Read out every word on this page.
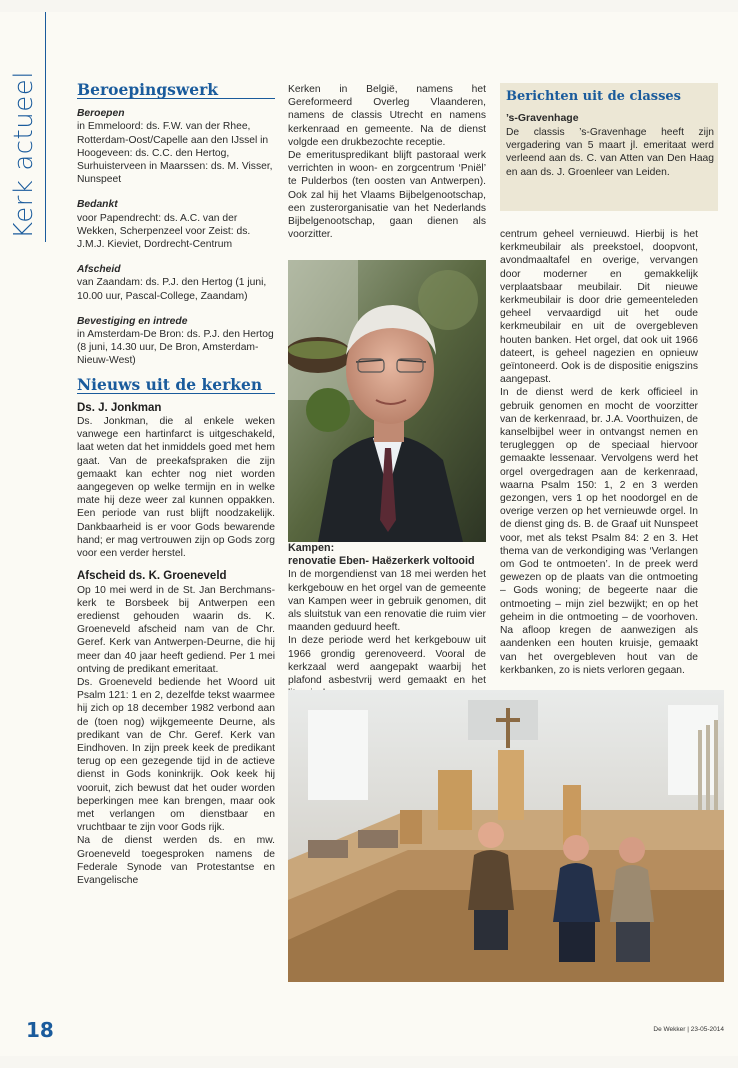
Kerk actueel Beroepingswerk

Beroepen

in Emmeloord: ds. F.W. van der Rhee, Rotterdam-Oost/Capelle aan den IJssel in Hoogeveen: ds. C.C. den Hertog, Surhuisterveen in Maarssen: ds. M. Visser, Nunspeet

Bedankt

voor Papendrecht: ds. A.C. van der Wekken, Scherpenzeel voor Zeist: ds. J.M.J. Kieviet, Dordrecht-Centrum

Afscheid

van Zaandam: ds. P.J. den Hertog (1 juni, 10.00 uur, Pascal-College, Zaandam)

Bevestiging en intrede

in Amsterdam-De Bron: ds. P.J. den Hertog (8 juni, 14.30 uur, De Bron, Amsterdam-Nieuw-West)

Nieuws uit de kerken

Ds. J. Jonkman

Ds. Jonkman, die al enkele weken vanwege een hartinfarct is uitgeschakeld, laat weten dat het inmiddels goed met hem gaat. Van de preekafspraken die zijn gemaakt kan echter nog niet worden aangegeven op welke termijn en in welke mate hij deze weer zal kunnen oppakken. Een periode van rust blijft noodzakelijk. Dankbaarheid is er voor Gods bewarende hand; er mag vertrouwen zijn op Gods zorg voor een verder herstel.

Afscheid ds. K. Groeneveld

Op 10 mei werd in de St. Jan Berchmans-kerk te Borsbeek bij Antwerpen een eredienst gehouden waarin ds. K. Groeneveld afscheid nam van de Chr. Geref. Kerk van Antwerpen-Deurne, die hij meer dan 40 jaar heeft gediend. Per 1 mei ontving de predikant emeritaat.

Ds. Groeneveld bediende het Woord uit Psalm 121: 1 en 2, dezelfde tekst waarmee hij zich op 18 december 1982 verbond aan de (toen nog) wijkgemeente Deurne, als predikant van de Chr. Geref. Kerk van Eindhoven. In zijn preek keek de predikant terug op een gezegende tijd in de actieve dienst in Gods koninkrijk. Ook keek hij vooruit, zich bewust dat het ouder worden beperkingen mee kan brengen, maar ook met verlangen om dienstbaar en vruchtbaar te zijn voor Gods rijk.

Na de dienst werden ds. en mw. Groeneveld toegesproken namens de Federale Synode van Protestantse en Evangelische

Kerken in België, namens het Gereformeerd Overleg Vlaanderen, namens de classis Utrecht en namens kerkenraad en gemeente. Na de dienst volgde een drukbezochte receptie.

De emerituspredikant blijft pastoraal werk verrichten in woon- en zorgcentrum ‘Pniël’ te Pulderbos (ten oosten van Antwerpen). Ook zal hij het Vlaams Bijbelgenootschap, een zusterorganisatie van het Nederlands Bijbelgenootschap, gaan dienen als voorzitter.

Kampen:

renovatie Eben- Haëzerkerk voltooid

In de morgendienst van 18 mei werden het kerkgebouw en het orgel van de gemeente van Kampen weer in gebruik genomen, dit als sluitstuk van een renovatie die ruim vier maanden geduurd heeft.

In deze periode werd het kerkgebouw uit 1966 grondig gerenoveerd. Vooral de kerkzaal werd aangepakt waarbij het plafond asbestvrij werd gemaakt en het

Berichten uit de classes
’s-Gravenhage
De classis ’s-Gravenhage heeft zijn vergadering van 5 maart jl. emeritaat werd verleend aan ds. C. van Atten van Den Haag en aan ds. J. Groenleer van Leiden.

centrum geheel vernieuwd. Hierbij is het kerkmeubilair als preekstoel, doopvont, avondmaaltafel en overige, vervangen door moderner en gemakkelijk verplaatsbaar meubilair. Dit nieuwe kerkmeubilair is door drie gemeenteleden geheel vervaardigd uit het oude kerkmeubilair en uit de overgebleven houten banken. Het orgel, dat ook uit 1966 dateert, is geheel nagezien en opnieuw geïntoneerd. Ook is de dispositie enigszins aangepast.

In de dienst werd de kerk officieel in gebruik genomen en mocht de voorzitter van de kerkenraad, br. J.A. Voorthuizen, de kanselbijbel weer in ontvangst nemen en terugleggen op de speciaal hiervoor gemaakte lessenaar. Vervolgens werd het orgel overgedragen aan de kerkenraad, waarna Psalm 150: 1, 2 en 3 werden gezongen, vers 1 op het noodorgel en de overige verzen op het vernieuwde orgel. In de dienst ging ds. B. de Graaf uit Nunspeet voor, met als tekst Psalm 84: 2 en 3. Het thema van de verkondiging was ‘Verlangen om God te ontmoeten’. In de preek werd gewezen op de plaats van die ontmoeting – Gods woning; de begeerte naar die ontmoeting – mijn ziel bezwijkt; en op het geheim in die ontmoeting – de voorhoven. Na afloop kregen de aanwezigen als aandenken een houten kruisje, gemaakt van het overgebleven hout van de kerkbanken, zo is niets verloren gegaan.

18	De Wekker | 23-05-2014
